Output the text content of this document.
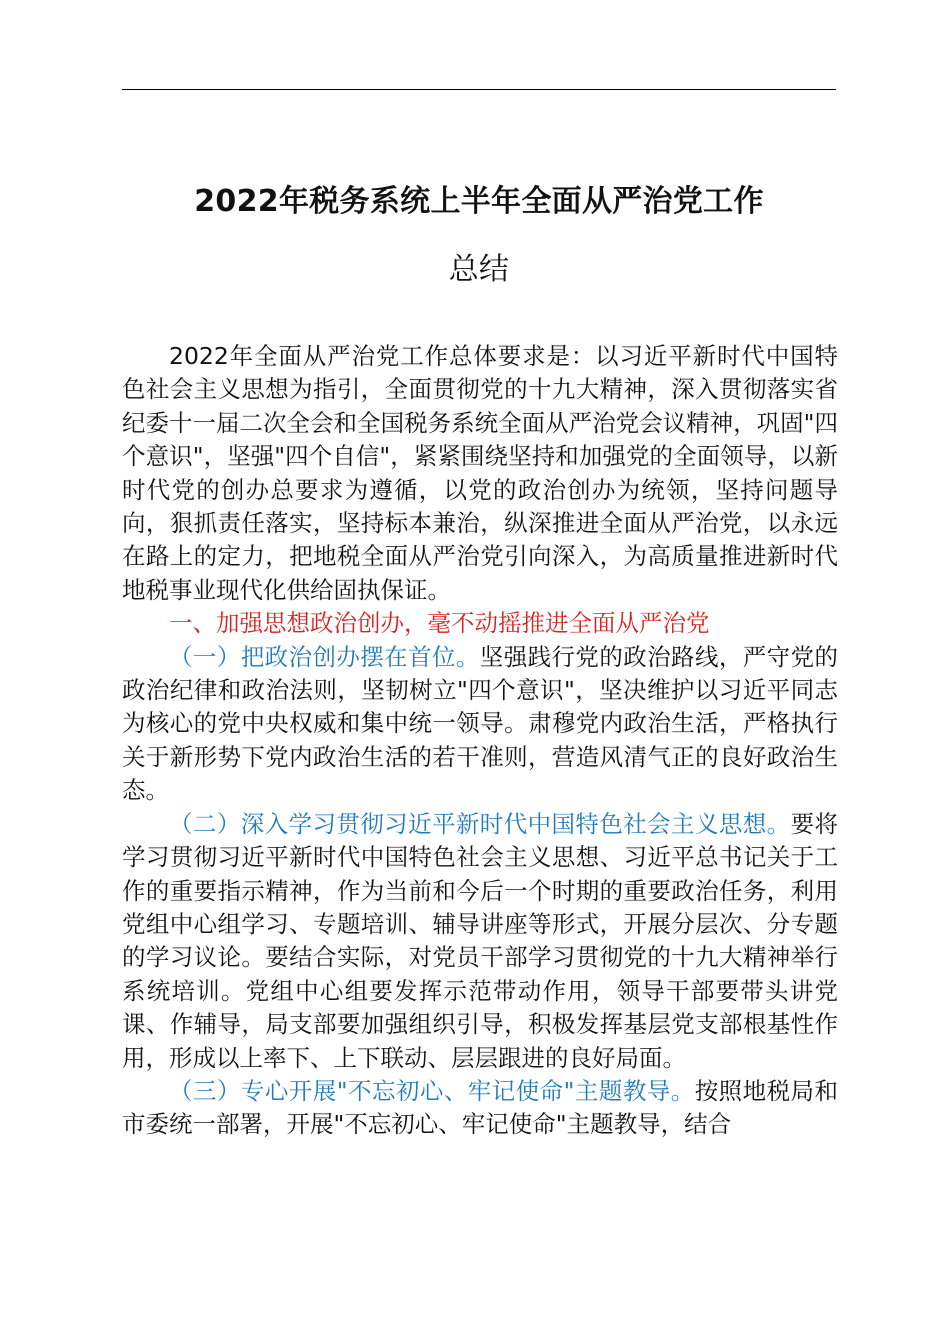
2022年税务系统上半年全面从严治党工作
总结

2022年全面从严治党工作总体要求是：以习近平新时代中国特色社会主义思想为指引，全面贯彻党的十九大精神，深入贯彻落实省纪委十一届二次全会和全国税务系统全面从严治党会议精神，巩固"四个意识"，坚强"四个自信"，紧紧围绕坚持和加强党的全面领导，以新时代党的创办总要求为遵循，以党的政治创办为统领，坚持问题导向，狠抓责任落实，坚持标本兼治，纵深推进全面从严治党，以永远在路上的定力，把地税全面从严治党引向深入，为高质量推进新时代地税事业现代化供给固执保证。

一、加强思想政治创办，毫不动摇推进全面从严治党

（一）把政治创办摆在首位。坚强践行党的政治路线，严守党的政治纪律和政治法则，坚韧树立"四个意识"，坚决维护以习近平同志为核心的党中央权威和集中统一领导。肃穆党内政治生活，严格执行关于新形势下党内政治生活的若干准则，营造风清气正的良好政治生态。

（二）深入学习贯彻习近平新时代中国特色社会主义思想。要将学习贯彻习近平新时代中国特色社会主义思想、习近平总书记关于工作的重要指示精神，作为当前和今后一个时期的重要政治任务，利用党组中心组学习、专题培训、辅导讲座等形式，开展分层次、分专题的学习议论。要结合实际，对党员干部学习贯彻党的十九大精神举行系统培训。党组中心组要发挥示范带动作用，领导干部要带头讲党课、作辅导，局支部要加强组织引导，积极发挥基层党支部根基性作用，形成以上率下、上下联动、层层跟进的良好局面。

（三）专心开展"不忘初心、牢记使命"主题教导。按照地税局和市委统一部署，开展"不忘初心、牢记使命"主题教导，结合
